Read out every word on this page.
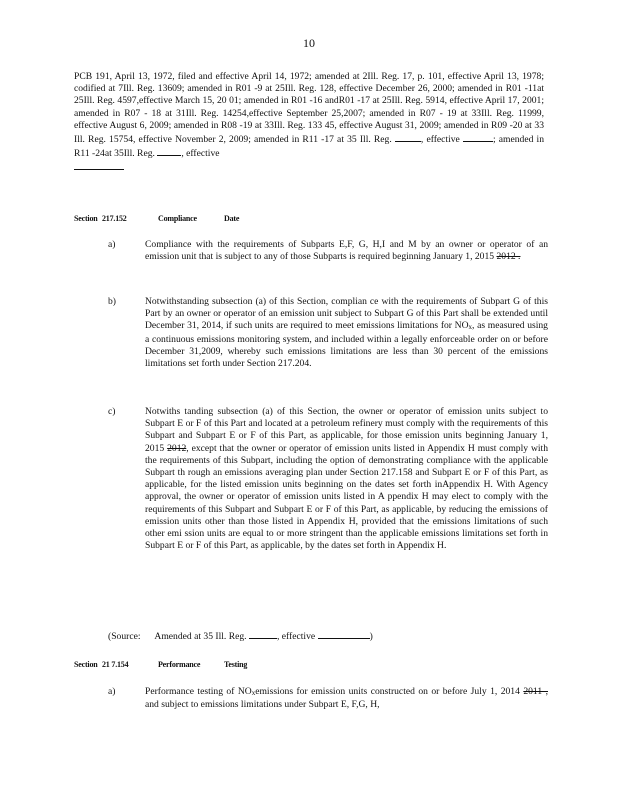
10
PCB 191, April 13, 1972, filed and effective April 14, 1972; amended at 2Ill. Reg. 17, p. 101, effective April 13, 1978; codified at 7Ill. Reg. 13609; amended in R01 -9 at 25Ill. Reg. 128, effective December 26, 2000; amended in R01 -11at 25Ill. Reg. 4597,effective March 15, 20 01; amended in R01 -16 andR01 -17 at 25Ill. Reg. 5914, effective April 17, 2001; amended in R07 - 18 at 31Ill. Reg. 14254,effective September 25,2007; amended in R07 - 19 at 33Ill. Reg. 11999, effective August 6, 2009; amended in R08 -19 at 33Ill. Reg. 133 45, effective August 31, 2009; amended in R09 -20 at 33 Ill. Reg. 15754, effective November 2, 2009; amended in R11 -17 at 35 Ill. Reg.	, effective	; amended in R11 -24at 35Ill. Reg.	, effective

Section 217.152	Compliance	Date
a)	Compliance with the requirements of Subparts E,F, G, H,I and M by an owner or operator of an emission unit that is subject to any of those Subparts is required beginning January 1, 2015 2012 .
b)	Notwithstanding subsection (a) of this Section, complian ce with the requirements of Subpart G of this Part by an owner or operator of an emission unit subject to Subpart G of this Part shall be extended until December 31, 2014, if such units are required to meet emissions limitations for NOx, as measured using a continuous emissions monitoring system, and included within a legally enforceable order on or before December 31,2009, whereby such emissions limitations are less than 30 percent of the emissions limitations set forth under Section 217.204.
c)	Notwiths tanding subsection (a) of this Section, the owner or operator of emission units subject to Subpart E or F of this Part and located at a petroleum refinery must comply with the requirements of this Subpart and Subpart E or F of this Part, as applicable, for those emission units beginning January 1, 2015 2012, except that the owner or operator of emission units listed in Appendix H must comply with the requirements of this Subpart, including the option of demonstrating compliance with the applicable Subpart th rough an emissions averaging plan under Section 217.158 and Subpart E or F of this Part, as applicable, for the listed emission units beginning on the dates set forth inAppendix H. With Agency approval, the owner or operator of emission units listed in A ppendix H may elect to comply with the requirements of this Subpart and Subpart E or F of this Part, as applicable, by reducing the emissions of emission units other than those listed in Appendix H, provided that the emissions limitations of such other emi ssion units are equal to or more stringent than the applicable emissions limitations set forth in Subpart E or F of this Part, as applicable, by the dates set forth in Appendix H.
(Source: Amended at 35 Ill. Reg.	, effective	)
Section 21 7.154	Performance	Testing
a)	Performance testing of NOxemissions for emission units constructed on or before July 1, 2014 2011 , and subject to emissions limitations under Subpart E, F,G, H,
